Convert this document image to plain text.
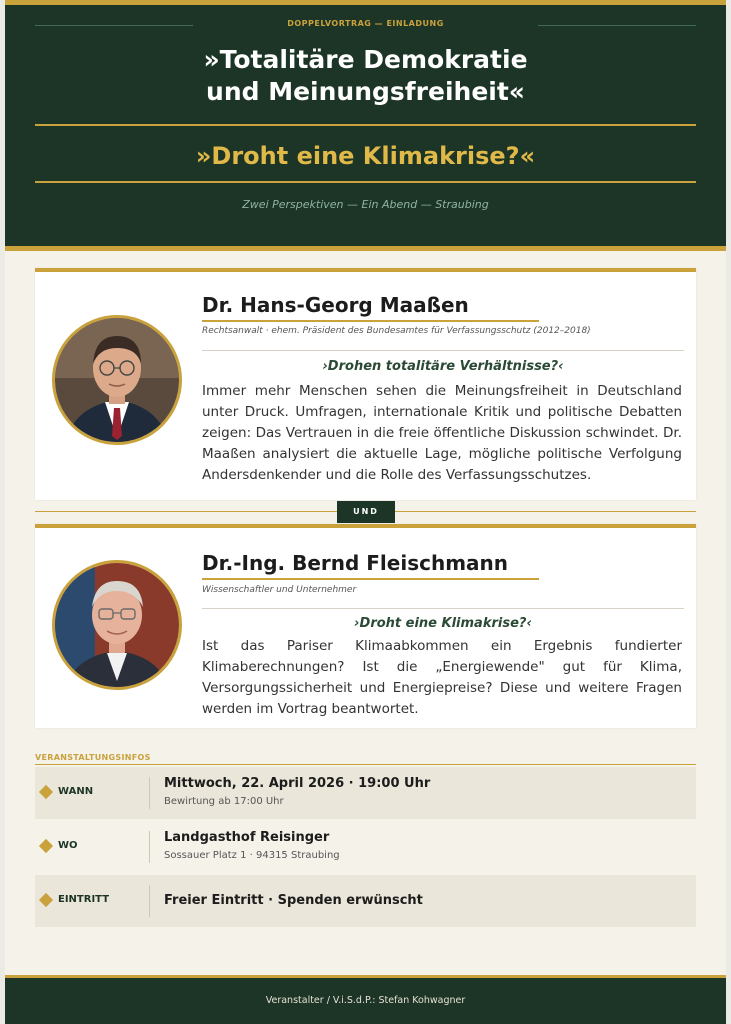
DOPPELVORTRAG — EINLADUNG
»Totalitäre Demokratie
und Meinungsfreiheit«
»Droht eine Klimakrise?«
Zwei Perspektiven — Ein Abend — Straubing
Dr. Hans-Georg Maaßen
Rechtsanwalt · ehem. Präsident des Bundesamtes für Verfassungsschutz (2012–2018)
›Drohen totalitäre Verhältnisse?‹
Immer mehr Menschen sehen die Meinungsfreiheit in Deutschland unter Druck. Umfragen, internationale Kritik und politische Debatten zeigen: Das Vertrauen in die freie öffentliche Diskussion schwindet. Dr. Maaßen analysiert die aktuelle Lage, mögliche politische Verfolgung Andersdenkender und die Rolle des Verfassungsschutzes.
UND
Dr.-Ing. Bernd Fleischmann
Wissenschaftler und Unternehmer
›Droht eine Klimakrise?‹
Ist das Pariser Klimaabkommen ein Ergebnis fundierter Klimaberechnungen? Ist die „Energiewende" gut für Klima, Versorgungssicherheit und Energiepreise? Diese und weitere Fragen werden im Vortrag beantwortet.
VERANSTALTUNGSINFOS
WANN
Mittwoch, 22. April 2026 · 19:00 Uhr
Bewirtung ab 17:00 Uhr
WO
Landgasthof Reisinger
Sossauer Platz 1 · 94315 Straubing
EINTRITT	Freier Eintritt · Spenden erwünscht
Veranstalter / V.i.S.d.P.: Stefan Kohwagner
